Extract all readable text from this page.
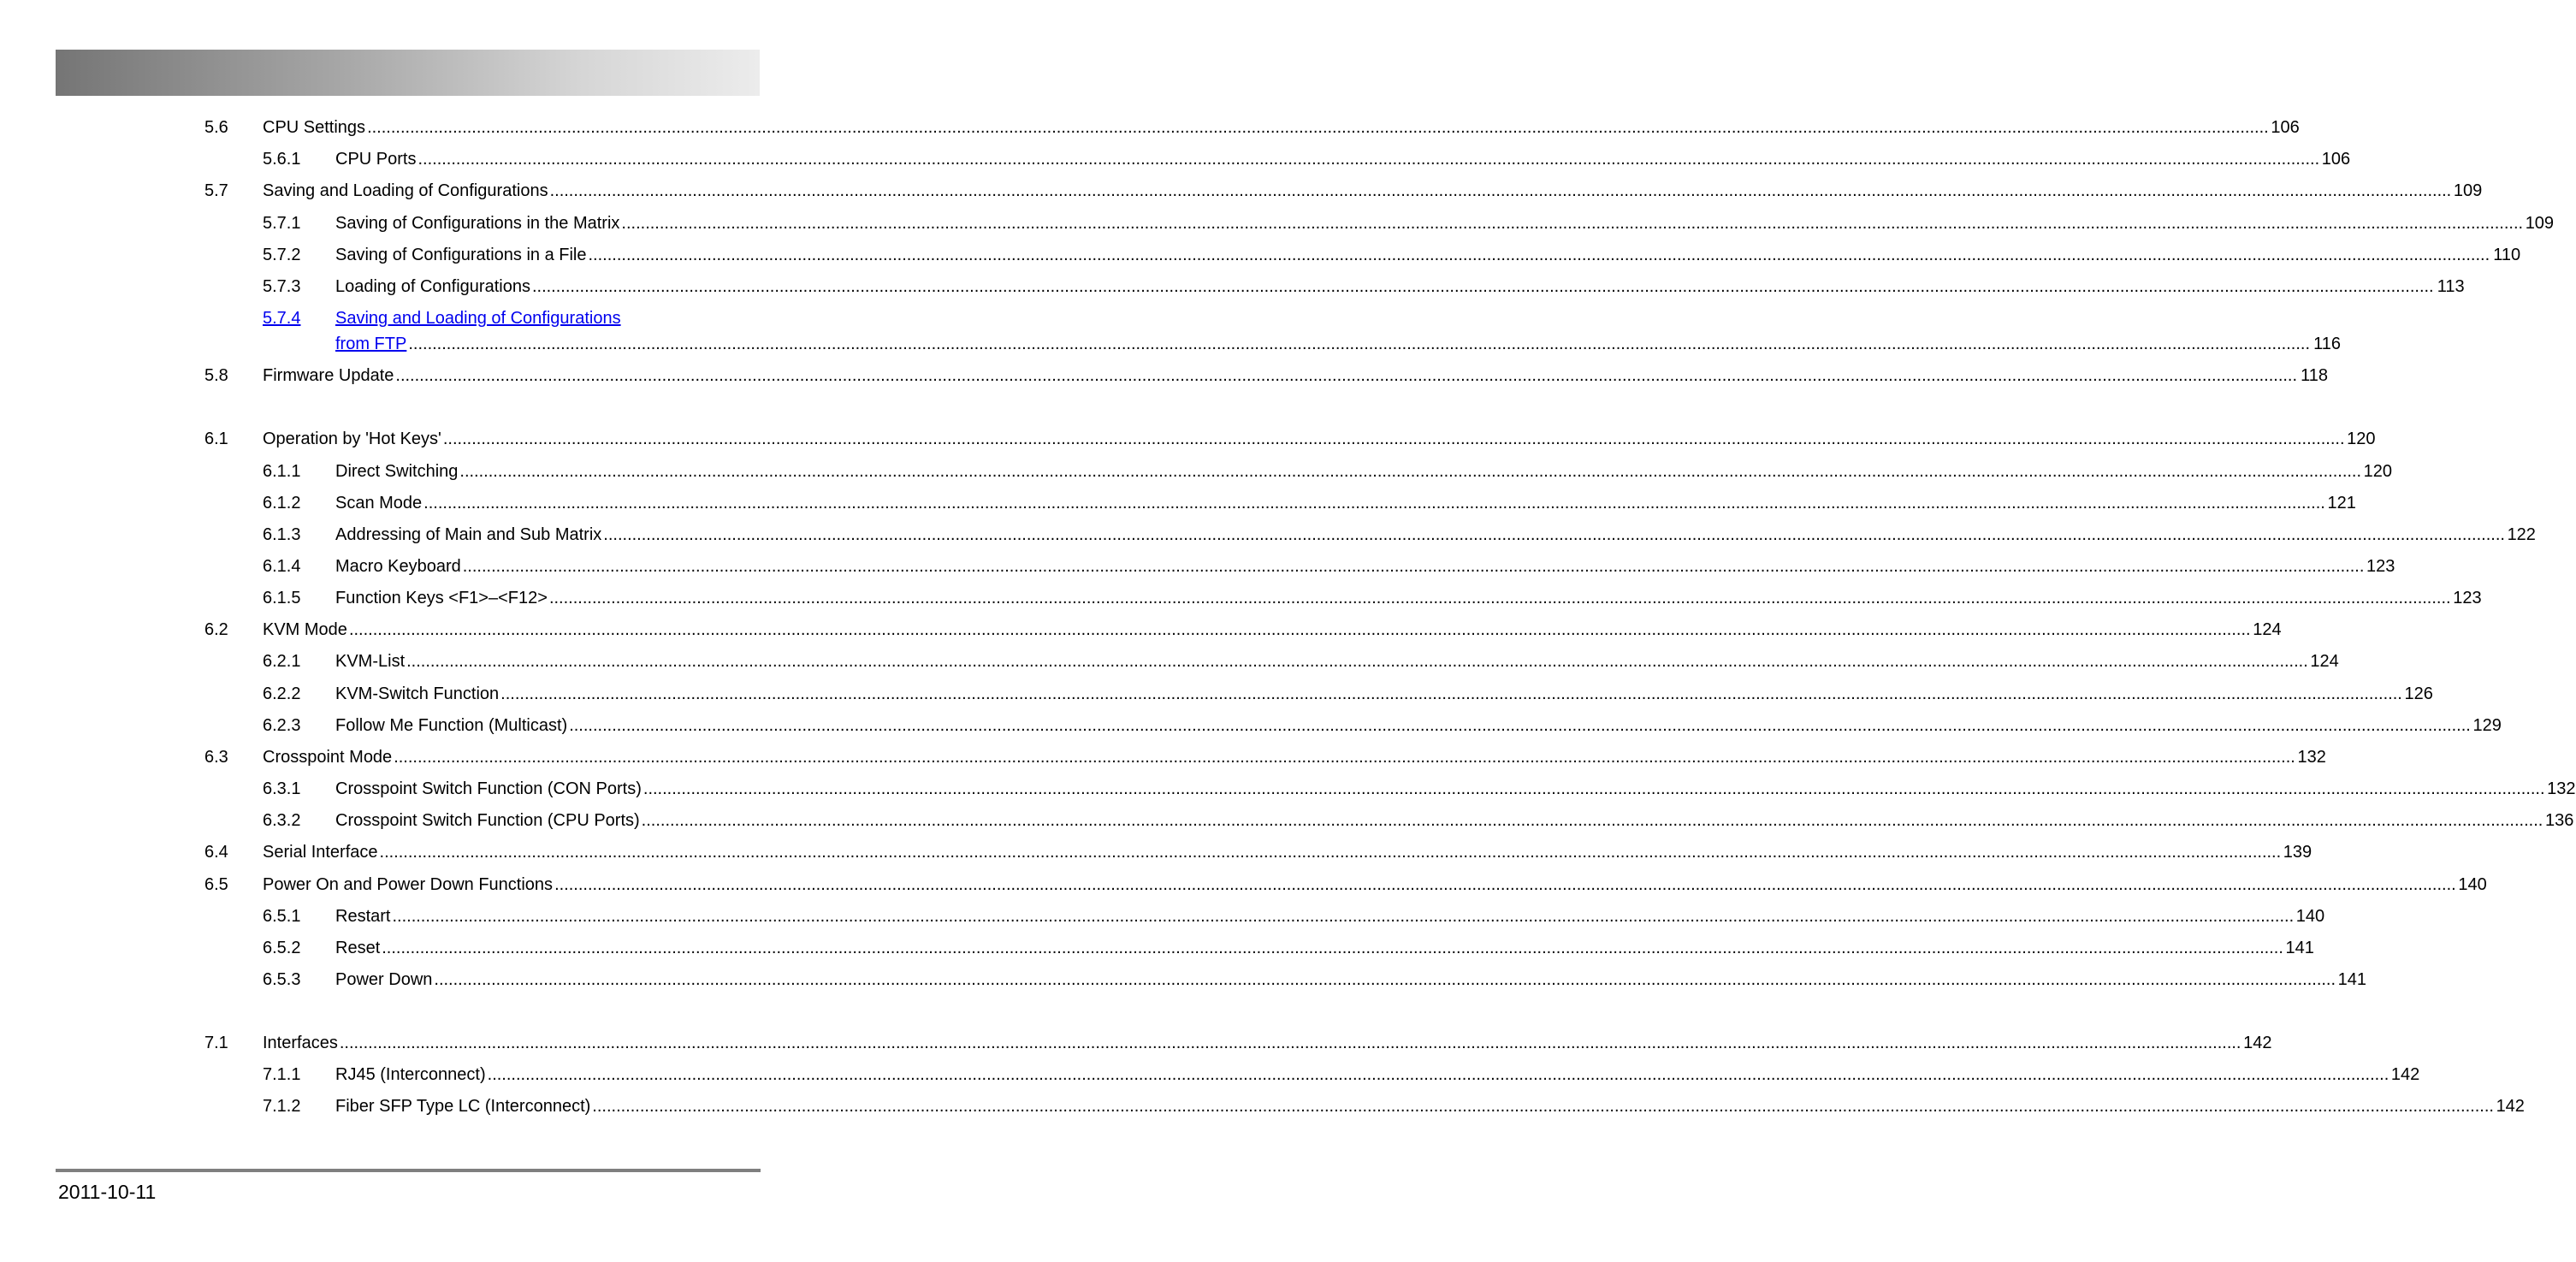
5.6 CPU Settings ................................................................................................................................................................................................................................................................................................................................................................................................................ 106
5.6.1 CPU Ports ................................................................................................................................................................................................................................................................................................................................................................................................................ 106
5.7 Saving and Loading of Configurations ................................................................................................................................................................................................................................................................................................................................................................................................................ 109
5.7.1 Saving of Configurations in the Matrix ................................................................................................................................................................................................................................................................................................................................................................................................................ 109
5.7.2 Saving of Configurations in a File ................................................................................................................................................................................................................................................................................................................................................................................................................ 110
5.7.3 Loading of Configurations ................................................................................................................................................................................................................................................................................................................................................................................................................ 113
5.7.4 Saving and Loading of Configurations
from FTP ................................................................................................................................................................................................................................................................................................................................................................................................................ 116
5.8 Firmware Update ................................................................................................................................................................................................................................................................................................................................................................................................................ 118
6.1 Operation by 'Hot Keys' ................................................................................................................................................................................................................................................................................................................................................................................................................ 120
6.1.1 Direct Switching ................................................................................................................................................................................................................................................................................................................................................................................................................ 120
6.1.2 Scan Mode ................................................................................................................................................................................................................................................................................................................................................................................................................ 121
6.1.3 Addressing of Main and Sub Matrix ................................................................................................................................................................................................................................................................................................................................................................................................................ 122
6.1.4 Macro Keyboard ................................................................................................................................................................................................................................................................................................................................................................................................................ 123
6.1.5 Function Keys <F1>–<F12> ................................................................................................................................................................................................................................................................................................................................................................................................................ 123
6.2 KVM Mode ................................................................................................................................................................................................................................................................................................................................................................................................................ 124
6.2.1 KVM-List ................................................................................................................................................................................................................................................................................................................................................................................................................ 124
6.2.2 KVM-Switch Function ................................................................................................................................................................................................................................................................................................................................................................................................................ 126
6.2.3 Follow Me Function (Multicast) ................................................................................................................................................................................................................................................................................................................................................................................................................ 129
6.3 Crosspoint Mode ................................................................................................................................................................................................................................................................................................................................................................................................................ 132
6.3.1 Crosspoint Switch Function (CON Ports) ................................................................................................................................................................................................................................................................................................................................................................................................................ 132
6.3.2 Crosspoint Switch Function (CPU Ports) ................................................................................................................................................................................................................................................................................................................................................................................................................ 136
6.4 Serial Interface ................................................................................................................................................................................................................................................................................................................................................................................................................ 139
6.5 Power On and Power Down Functions ................................................................................................................................................................................................................................................................................................................................................................................................................ 140
6.5.1 Restart ................................................................................................................................................................................................................................................................................................................................................................................................................ 140
6.5.2 Reset ................................................................................................................................................................................................................................................................................................................................................................................................................ 141
6.5.3 Power Down ................................................................................................................................................................................................................................................................................................................................................................................................................ 141
7.1 Interfaces ................................................................................................................................................................................................................................................................................................................................................................................................................ 142
7.1.1 RJ45 (Interconnect) ................................................................................................................................................................................................................................................................................................................................................................................................................ 142
7.1.2 Fiber SFP Type LC (Interconnect) ................................................................................................................................................................................................................................................................................................................................................................................................................ 142
2011-10-11
